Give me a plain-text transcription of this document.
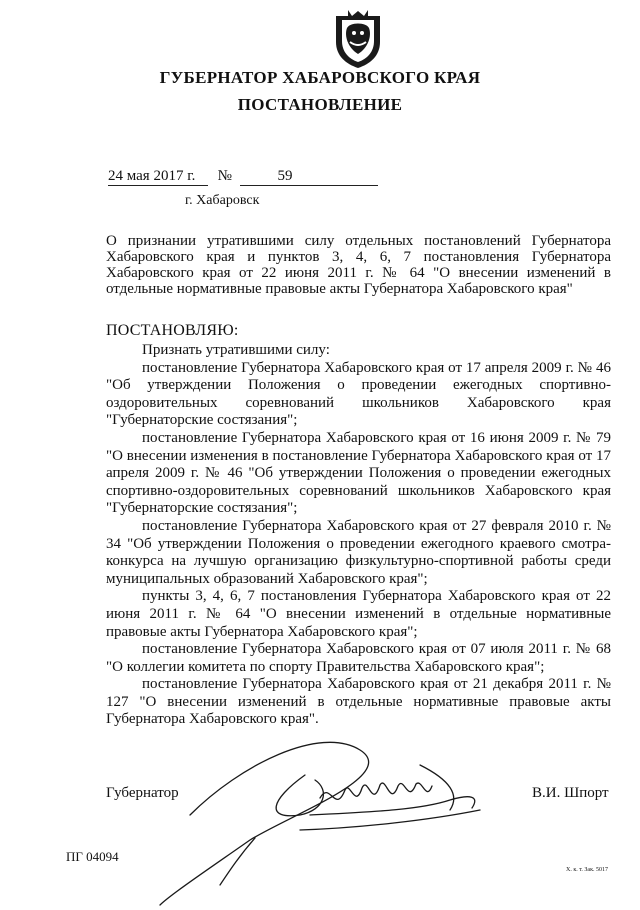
ГУБЕРНАТОР ХАБАРОВСКОГО КРАЯ
ПОСТАНОВЛЕНИЕ
24 мая 2017 г. №	59
г. Хабаровск
О признании утратившими силу отдельных постановлений Губернатора Хабаровского края и пунктов 3, 4, 6, 7 постановления Губернатора Хабаровского края от 22 июня 2011 г. № 64 "О внесении изменений в отдельные нормативные правовые акты Губернатора Хабаровского края"
ПОСТАНОВЛЯЮ:

Признать утратившими силу:

постановление Губернатора Хабаровского края от 17 апреля 2009 г. № 46 "Об утверждении Положения о проведении ежегодных спортивно-оздоровительных соревнований школьников Хабаровского края "Губернаторские состязания";

постановление Губернатора Хабаровского края от 16 июня 2009 г. № 79 "О внесении изменения в постановление Губернатора Хабаровского края от 17 апреля 2009 г. № 46 "Об утверждении Положения о проведении ежегодных спортивно-оздоровительных соревнований школьников Хабаровского края "Губернаторские состязания";

постановление Губернатора Хабаровского края от 27 февраля 2010 г. № 34 "Об утверждении Положения о проведении ежегодного краевого смотра-конкурса на лучшую организацию физкультурно-спортивной работы среди муниципальных образований Хабаровского края";

пункты 3, 4, 6, 7 постановления Губернатора Хабаровского края от 22 июня 2011 г. № 64 "О внесении изменений в отдельные нормативные правовые акты Губернатора Хабаровского края";

постановление Губернатора Хабаровского края от 07 июля 2011 г. № 68 "О коллегии комитета по спорту Правительства Хабаровского края";

постановление Губернатора Хабаровского края от 21 декабря 2011 г. № 127 "О внесении изменений в отдельные нормативные правовые акты Губернатора Хабаровского края".

Губернатор	В.И. Шпорт
ПГ 04094
Х. к. т. Зак. 5017
